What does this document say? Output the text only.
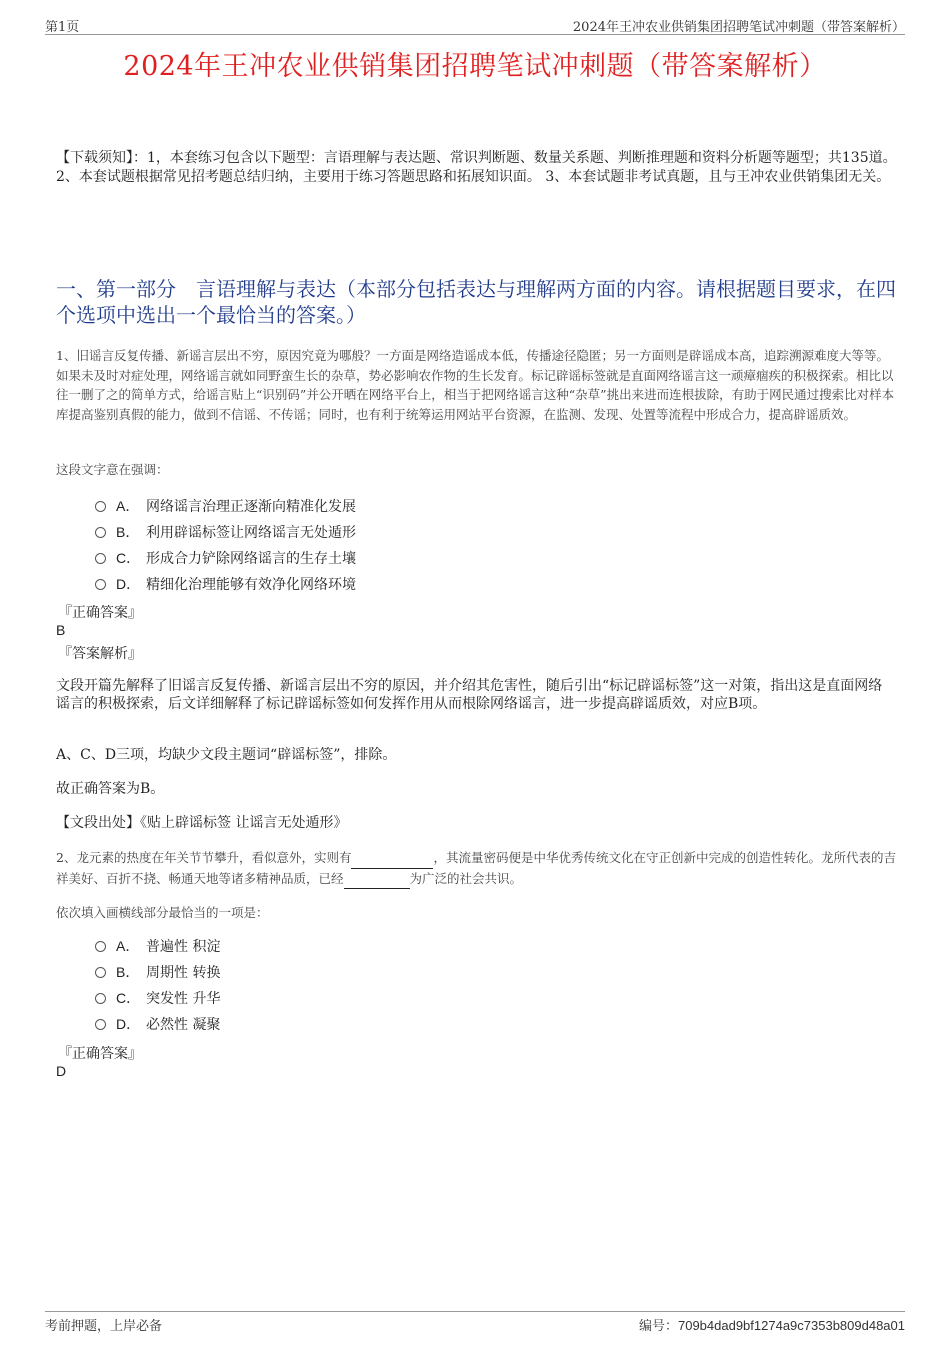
第1页	2024年王冲农业供销集团招聘笔试冲刺题（带答案解析）
2024年王冲农业供销集团招聘笔试冲刺题（带答案解析）
【下载须知】：1，本套练习包含以下题型：言语理解与表达题、常识判断题、数量关系题、判断推理题和资料分析题等题型；共135道。 2、本套试题根据常见招考题总结归纳，主要用于练习答题思路和拓展知识面。 3、本套试题非考试真题，且与王冲农业供销集团无关。
一、第一部分　言语理解与表达（本部分包括表达与理解两方面的内容。请根据题目要求，在四个选项中选出一个最恰当的答案。）
1、旧谣言反复传播、新谣言层出不穷，原因究竟为哪般？一方面是网络造谣成本低，传播途径隐匿；另一方面则是辟谣成本高，追踪溯源难度大等等。如果未及时对症处理，网络谣言就如同野蛮生长的杂草，势必影响农作物的生长发育。标记辟谣标签就是直面网络谣言这一顽瘴痼疾的积极探索。相比以往一删了之的简单方式，给谣言贴上“识别码”并公开晒在网络平台上，相当于把网络谣言这种“杂草”挑出来进而连根拔除，有助于网民通过搜索比对样本库提高鉴别真假的能力，做到不信谣、不传谣；同时，也有利于统筹运用网站平台资源，在监测、发现、处置等流程中形成合力，提高辟谣质效。
这段文字意在强调：
A． 网络谣言治理正逐渐向精准化发展
B． 利用辟谣标签让网络谣言无处遁形
C． 形成合力铲除网络谣言的生存土壤
D． 精细化治理能够有效净化网络环境
『正确答案』
B
『答案解析』
文段开篇先解释了旧谣言反复传播、新谣言层出不穷的原因，并介绍其危害性，随后引出“标记辟谣标签”这一对策，指出这是直面网络谣言的积极探索，后文详细解释了标记辟谣标签如何发挥作用从而根除网络谣言，进一步提高辟谣质效，对应B项。
A、C、D三项，均缺少文段主题词“辟谣标签”，排除。
故正确答案为B。
【文段出处】《贴上辟谣标签 让谣言无处遁形》
2、龙元素的热度在年关节节攀升，看似意外，实则有	，其流量密码便是中华优秀传统文化在守正创新中完成的创造性转化。龙所代表的吉祥美好、百折不挠、畅通天地等诸多精神品质，已经	为广泛的社会共识。
依次填入画横线部分最恰当的一项是：
A． 普遍性 积淀
B． 周期性 转换
C． 突发性 升华
D． 必然性 凝聚
『正确答案』
D
考前押题，上岸必备	编号：709b4dad9bf1274a9c7353b809d48a01
